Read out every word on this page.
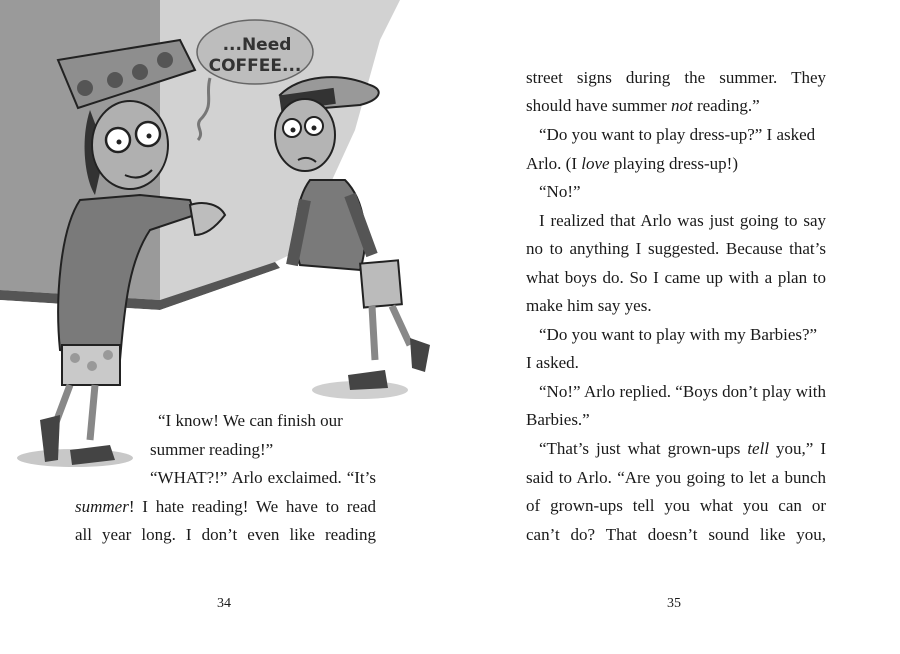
...Need
COFFEE...
“I know! We can finish our
summer reading!”
“WHAT?!” Arlo exclaimed. “It’s
summer! I hate reading! We have to read
all year long. I don’t even like reading
34
street signs during the summer. They
should have summer not reading.”
“Do you want to play dress-up?” I asked
Arlo. (I love playing dress-up!)
“No!”
I realized that Arlo was just going to say
no to anything I suggested. Because that’s
what boys do. So I came up with a plan to
make him say yes.
“Do you want to play with my Barbies?”
I asked.
“No!” Arlo replied. “Boys don’t play with
Barbies.”
“That’s just what grown-ups tell you,” I
said to Arlo. “Are you going to let a bunch
of grown-ups tell you what you can or
can’t do? That doesn’t sound like you,
35
